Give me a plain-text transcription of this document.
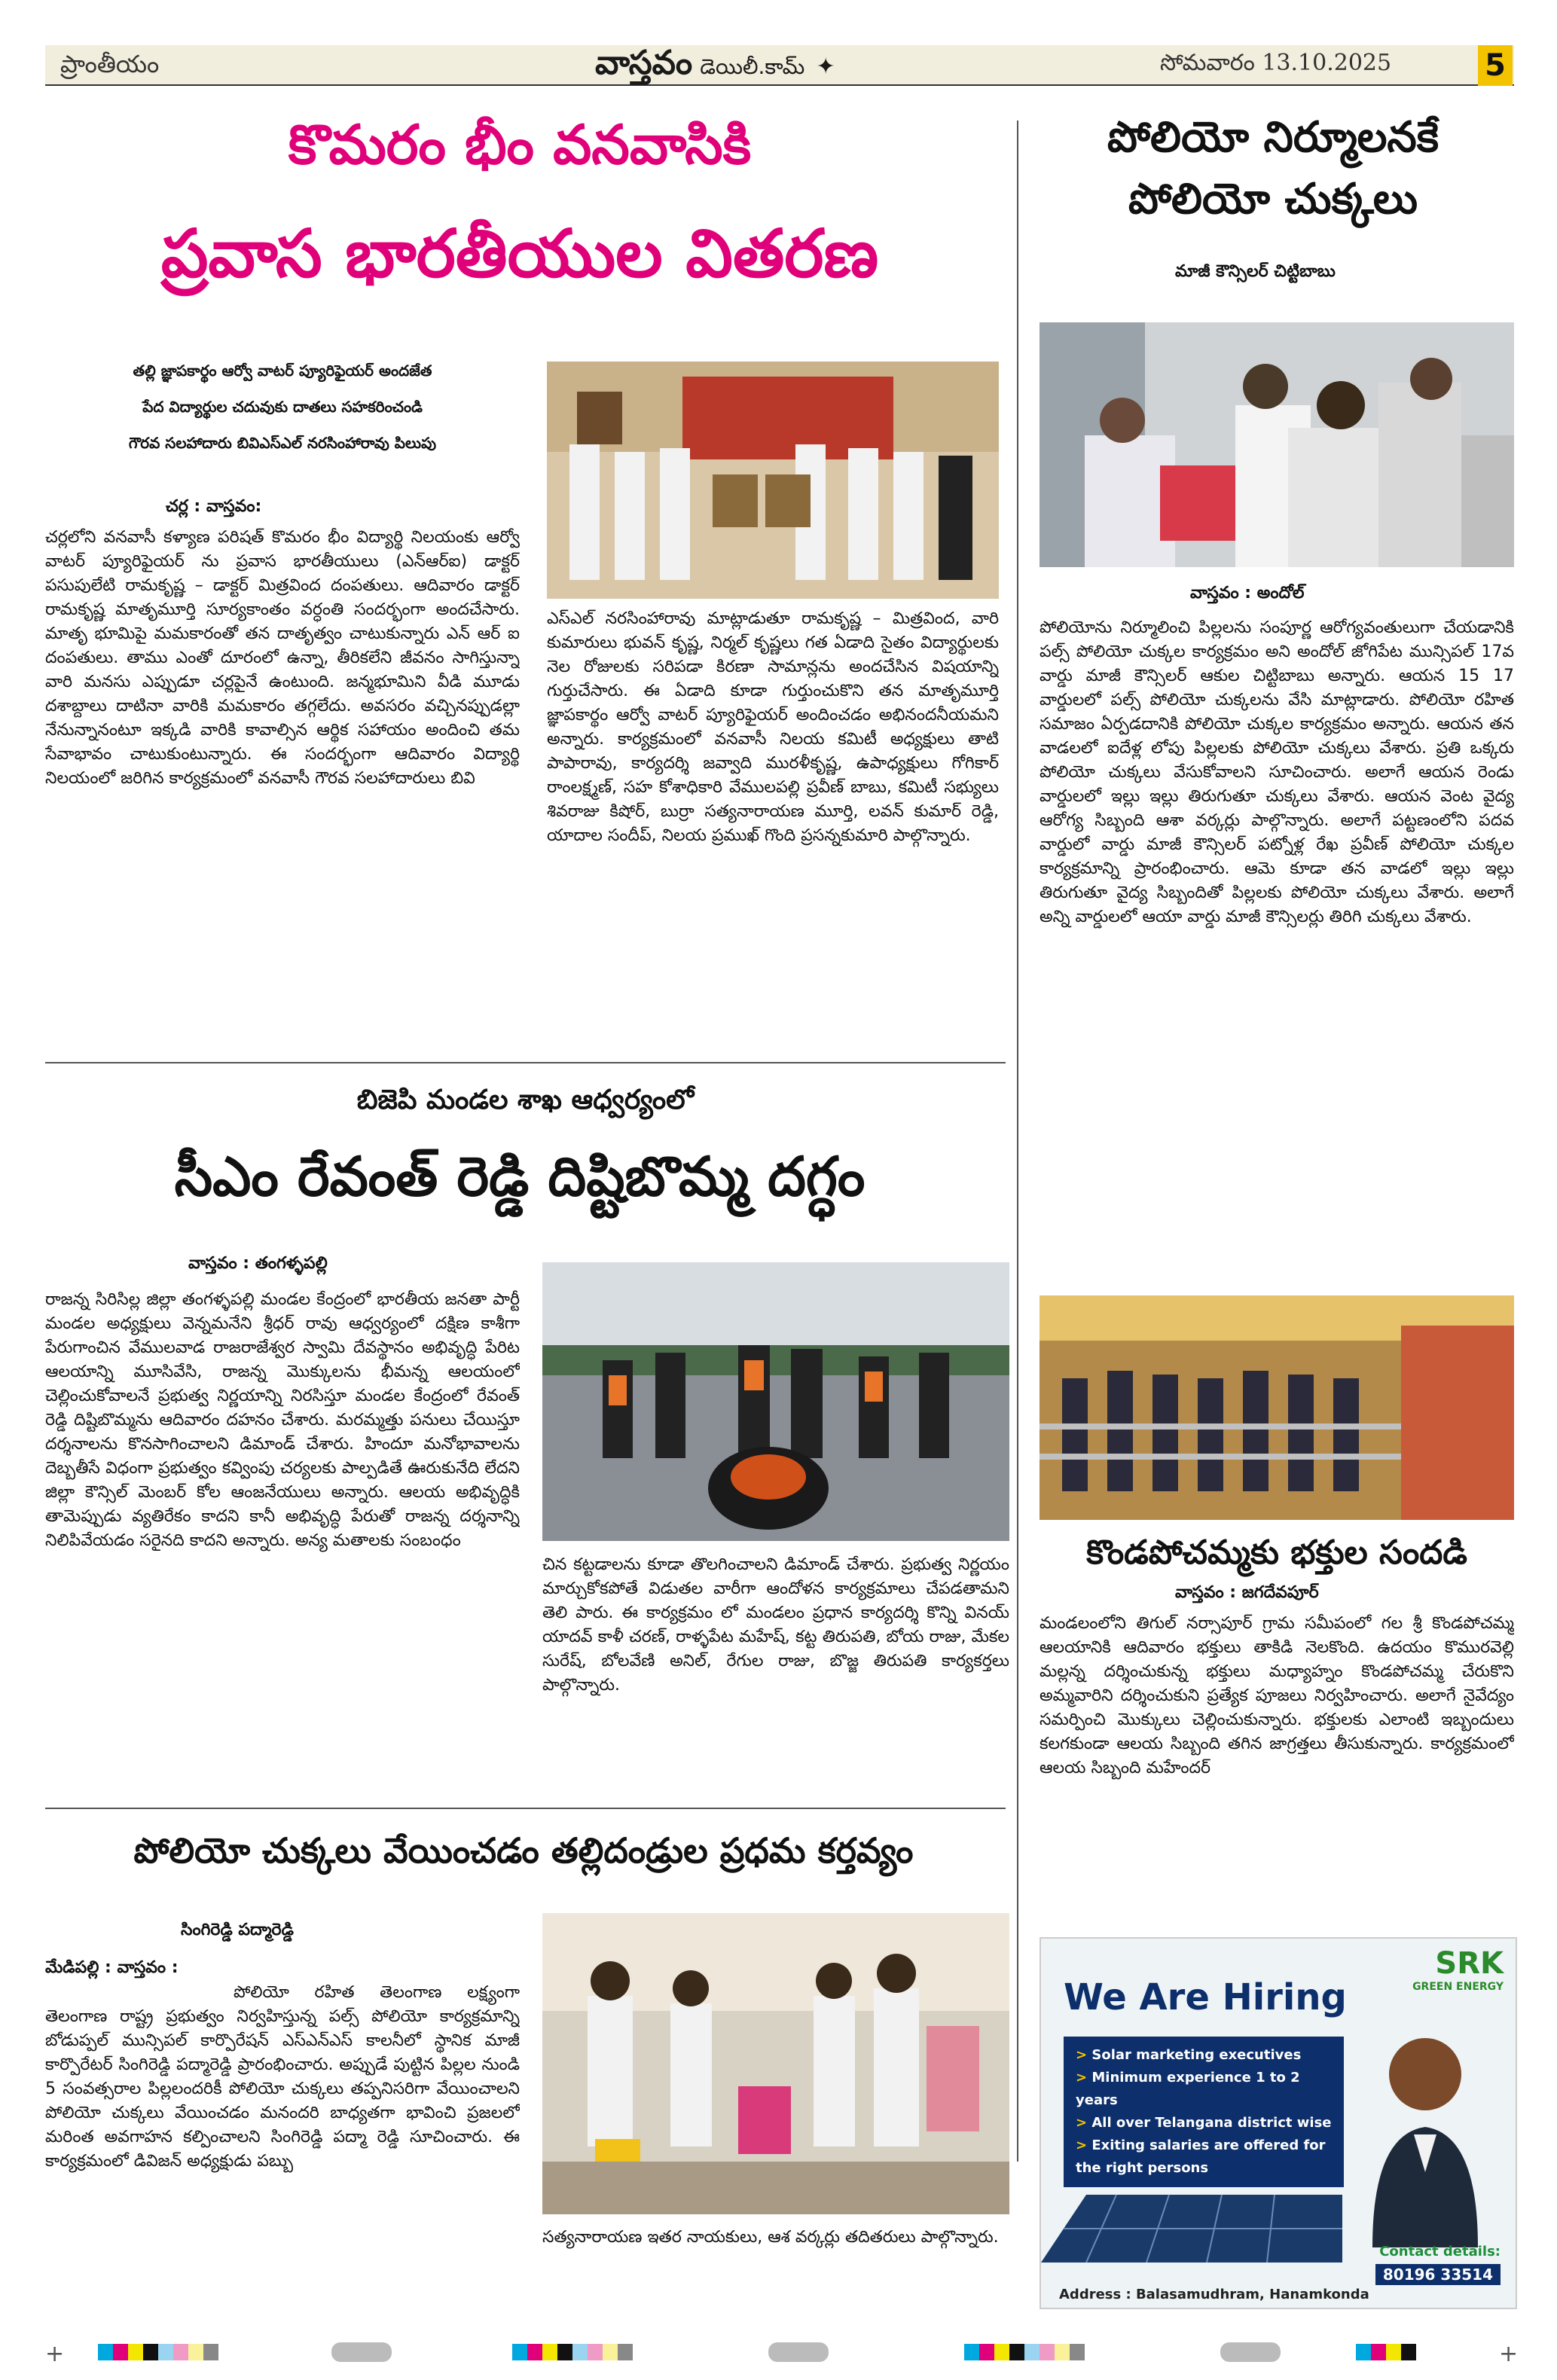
ప్రాంతీయం	వాస్తవం డెయిలీ.కామ్ ✦	సోమవారం 13.10.2025	5
కొమరం భీం వనవాసికి
ప్రవాస భారతీయుల వితరణ
తల్లి జ్ఞాపకార్థం ఆర్వో వాటర్ ప్యూరిఫైయర్ అందజేత
పేద విద్యార్థుల చదువుకు దాతలు సహకరించండి
గౌరవ సలహాదారు బివిఎస్ఎల్ నరసింహారావు పిలుపు
చర్ల : వాస్తవం:
చర్లలోని వనవాసీ కళ్యాణ పరిషత్ కొమరం భీం విద్యార్థి నిలయంకు ఆర్వో వాటర్ ప్యూరిఫైయర్ ను ప్రవాస భారతీయులు (ఎన్ఆర్ఐ) డాక్టర్ పసుపులేటి రామకృష్ణ – డాక్టర్ మిత్రవింద దంపతులు. ఆదివారం డాక్టర్ రామకృష్ణ మాతృమూర్తి సూర్యకాంతం వర్ధంతి సందర్భంగా అందచేసారు. మాతృ భూమిపై మమకారంతో తన దాతృత్వం చాటుకున్నారు ఎన్ ఆర్ ఐ దంపతులు. తాము ఎంతో దూరంలో ఉన్నా, తీరికలేని జీవనం సాగిస్తున్నా వారి మనసు ఎప్పుడూ చర్లపైనే ఉంటుంది. జన్మభూమిని వీడి మూడు దశాబ్దాలు దాటినా వారికి మమకారం తగ్గలేదు. అవసరం వచ్చినప్పుడల్లా నేనున్నానంటూ ఇక్కడి వారికి కావాల్సిన ఆర్థిక సహాయం అందించి తమ సేవాభావం చాటుకుంటున్నారు. ఈ సందర్భంగా ఆదివారం విద్యార్థి నిలయంలో జరిగిన కార్యక్రమంలో వనవాసీ గౌరవ సలహాదారులు బివి
ఎస్ఎల్ నరసింహారావు మాట్లాడుతూ రామకృష్ణ – మిత్రవింద, వారి కుమారులు భువన్ కృష్ణ, నిర్మల్ కృష్ణలు గత ఏడాది సైతం విద్యార్థులకు నెల రోజులకు సరిపడా కిరణా సామాన్లను అందచేసిన విషయాన్ని గుర్తుచేసారు. ఈ ఏడాది కూడా గుర్తుంచుకొని తన మాతృమూర్తి జ్ఞాపకార్థం ఆర్వో వాటర్ ప్యూరిఫైయర్ అందించడం అభినందనీయమని అన్నారు. కార్యక్రమంలో వనవాసీ నిలయ కమిటీ అధ్యక్షులు తాటి పాపారావు, కార్యదర్శి జవ్వాది మురళీకృష్ణ, ఉపాధ్యక్షులు గోగికార్ రాంలక్ష్మణ్, సహ కోశాధికారి వేములపల్లి ప్రవీణ్ బాబు, కమిటీ సభ్యులు శివరాజు కిషోర్, బుర్రా సత్యనారాయణ మూర్తి, లవన్ కుమార్ రెడ్డి, యాదాల సందీప్, నిలయ ప్రముఖ్ గొంది ప్రసన్నకుమారి పాల్గొన్నారు.
పోలియో నిర్మూలనకే
పోలియో చుక్కలు
మాజీ కౌన్సిలర్ చిట్టిబాబు
వాస్తవం : అందోల్
పోలియోను నిర్మూలించి పిల్లలను సంపూర్ణ ఆరోగ్యవంతులుగా చేయడానికి పల్స్ పోలియో చుక్కల కార్యక్రమం అని అందోల్ జోగిపేట మున్సిపల్ 17వ వార్డు మాజీ కౌన్సిలర్ ఆకుల చిట్టిబాబు అన్నారు. ఆయన 15 17 వార్డులలో పల్స్ పోలియో చుక్కలను వేసి మాట్లాడారు. పోలియో రహిత సమాజం ఏర్పడదానికి పోలియో చుక్కల కార్యక్రమం అన్నారు. ఆయన తన వాడలలో ఐదేళ్ల లోపు పిల్లలకు పోలియో చుక్కలు వేశారు. ప్రతి ఒక్కరు పోలియో చుక్కలు వేసుకోవాలని సూచించారు. అలాగే ఆయన రెండు వార్డులలో ఇల్లు ఇల్లు తిరుగుతూ చుక్కలు వేశారు. ఆయన వెంట వైద్య ఆరోగ్య సిబ్బంది ఆశా వర్కర్లు పాల్గొన్నారు. అలాగే పట్టణంలోని పదవ వార్డులో వార్డు మాజీ కౌన్సిలర్ పట్నోళ్ల రేఖ ప్రవీణ్ పోలియో చుక్కల కార్యక్రమాన్ని ప్రారంభించారు. ఆమె కూడా తన వాడలో ఇల్లు ఇల్లు తిరుగుతూ వైద్య సిబ్బందితో పిల్లలకు పోలియో చుక్కలు వేశారు. అలాగే అన్ని వార్డులలో ఆయా వార్డు మాజీ కౌన్సిలర్లు తిరిగి చుక్కలు వేశారు.
బిజెపి మండల శాఖ ఆధ్వర్యంలో
సీఎం రేవంత్ రెడ్డి దిష్టిబొమ్మ దగ్ధం
వాస్తవం : తంగళ్ళపల్లి
రాజన్న సిరిసిల్ల జిల్లా తంగళ్ళపల్లి మండల కేంద్రంలో భారతీయ జనతా పార్టీ మండల అధ్యక్షులు వెన్నమనేని శ్రీధర్ రావు ఆధ్వర్యంలో దక్షిణ కాశీగా పేరుగాంచిన వేములవాడ రాజరాజేశ్వర స్వామి దేవస్థానం అభివృద్ధి పేరిట ఆలయాన్ని మూసివేసి, రాజన్న మొక్కులను భీమన్న ఆలయంలో చెల్లించుకోవాలనే ప్రభుత్వ నిర్ణయాన్ని నిరసిస్తూ మండల కేంద్రంలో రేవంత్ రెడ్డి దిష్టిబొమ్మను ఆదివారం దహనం చేశారు. మరమ్మత్తు పనులు చేయిస్తూ దర్శనాలను కొనసాగించాలని డిమాండ్ చేశారు. హిందూ మనోభావాలను దెబ్బతీసే విధంగా ప్రభుత్వం కవ్వింపు చర్యలకు పాల్పడితే ఊరుకునేది లేదని జిల్లా కౌన్సిల్ మెంబర్ కోల ఆంజనేయులు అన్నారు. ఆలయ అభివృద్ధికి తామెప్పుడు వ్యతిరేకం కాదని కానీ అభివృద్ధి పేరుతో రాజన్న దర్శనాన్ని నిలిపివేయడం సరైనది కాదని అన్నారు. అన్య మతాలకు సంబంధం
చిన కట్టడాలను కూడా తొలగించాలని డిమాండ్ చేశారు. ప్రభుత్వ నిర్ణయం మార్చుకోకపోతే విడుతల వారీగా ఆందోళన కార్యక్రమాలు చేపడతామని తెలి పారు. ఈ కార్యక్రమం లో మండలం ప్రధాన కార్యదర్శి కొన్ని వినయ్ యాదవ్ కాళీ చరణ్, రాళ్ళపేట మహేష్, కట్ట తిరుపతి, బోయ రాజు, మేకల సురేష్, బోలవేణి అనిల్, రేగుల రాజు, బొజ్జ తిరుపతి కార్యకర్తలు పాల్గొన్నారు.
కొండపోచమ్మకు భక్తుల సందడి
వాస్తవం : జగదేవపూర్
మండలంలోని తిగుల్ నర్సాపూర్ గ్రామ సమీపంలో గల శ్రీ కొండపోచమ్మ ఆలయానికి ఆదివారం భక్తులు తాకిడి నెలకొంది. ఉదయం కొమురవెల్లి మల్లన్న దర్శించుకున్న భక్తులు మధ్యాహ్నం కొండపోచమ్మ చేరుకొని అమ్మవారిని దర్శించుకుని ప్రత్యేక పూజలు నిర్వహించారు. అలాగే నైవేద్యం సమర్పించి మొక్కులు చెల్లించుకున్నారు. భక్తులకు ఎలాంటి ఇబ్బందులు కలగకుండా ఆలయ సిబ్బంది తగిన జాగ్రత్తలు తీసుకున్నారు. కార్యక్రమంలో ఆలయ సిబ్బంది మహేందర్
పోలియో చుక్కలు వేయించడం తల్లిదండ్రుల ప్రధమ కర్తవ్యం
సింగిరెడ్డి పద్మారెడ్డి
మేడిపల్లి : వాస్తవం :
పోలియో రహిత తెలంగాణ లక్ష్యంగా తెలంగాణ రాష్ట్ర ప్రభుత్వం నిర్వహిస్తున్న పల్స్ పోలియో కార్యక్రమాన్ని బోడుప్పల్ మున్సిపల్ కార్పొరేషన్ ఎస్ఎన్ఎస్ కాలనీలో స్థానిక మాజీ కార్పొరేటర్ సింగిరెడ్డి పద్మారెడ్డి ప్రారంభించారు. అప్పుడే పుట్టిన పిల్లల నుండి 5 సంవత్సరాల పిల్లలందరికీ పోలియో చుక్కలు తప్పనిసరిగా వేయించాలని పోలియో చుక్కలు వేయించడం మనందరి బాధ్యతగా భావించి ప్రజలలో మరింత అవగాహన కల్పించాలని సింగిరెడ్డి పద్మా రెడ్డి సూచించారు. ఈ కార్యక్రమంలో డివిజన్ అధ్యక్షుడు పబ్బు
సత్యనారాయణ ఇతర నాయకులు, ఆశ వర్కర్లు తదితరులు పాల్గొన్నారు.
SRK
GREEN ENERGY
We Are Hiring
> Solar marketing executives
> Minimum experience 1 to 2 years
> All over Telangana district wise
> Exiting salaries are offered for the right persons
Contact details:
80196 33514
Address : Balasamudhram, Hanamkonda
+	+
